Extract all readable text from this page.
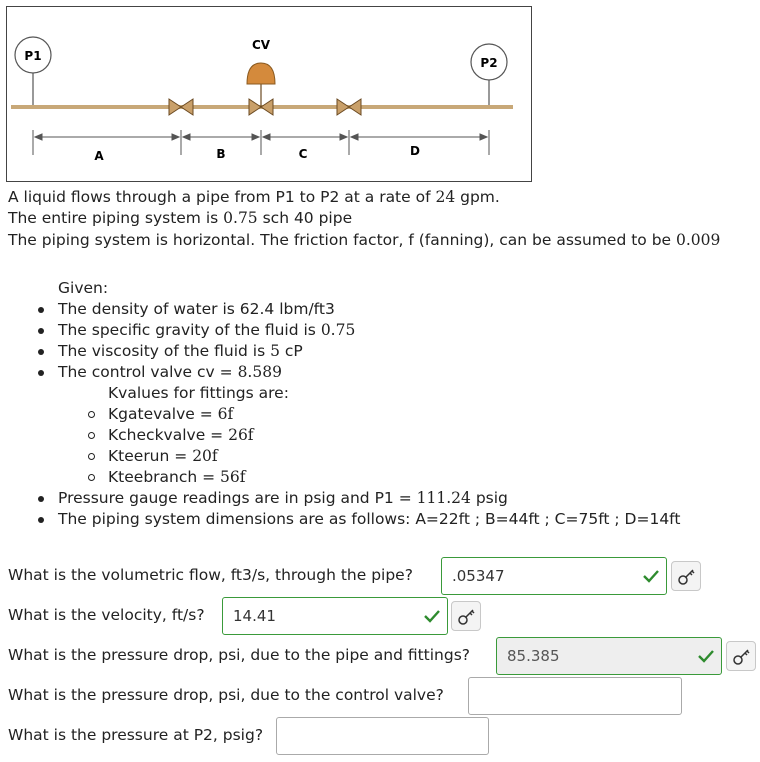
P1	P2
CV
A	B	C	D
A liquid flows through a pipe from P1 to P2 at a rate of 24 gpm.
The entire piping system is 0.75 sch 40 pipe
The piping system is horizontal. The friction factor, f (fanning), can be assumed to be 0.009
Given:
The density of water is 62.4 lbm/ft3
The specific gravity of the fluid is 0.75
The viscosity of the fluid is 5 cP
The control valve cv = 8.589
Kvalues for fittings are:
Kgatevalve = 6f
Kcheckvalve = 26f
Kteerun = 20f
Kteebranch = 56f
Pressure gauge readings are in psig and P1 = 111.24 psig
The piping system dimensions are as follows: A=22ft ; B=44ft ; C=75ft ; D=14ft
What is the volumetric flow, ft3/s, through the pipe?	.05347
What is the velocity, ft/s?	14.41
What is the pressure drop, psi, due to the pipe and fittings?	85.385
What is the pressure drop, psi, due to the control valve?
What is the pressure at P2, psig?
